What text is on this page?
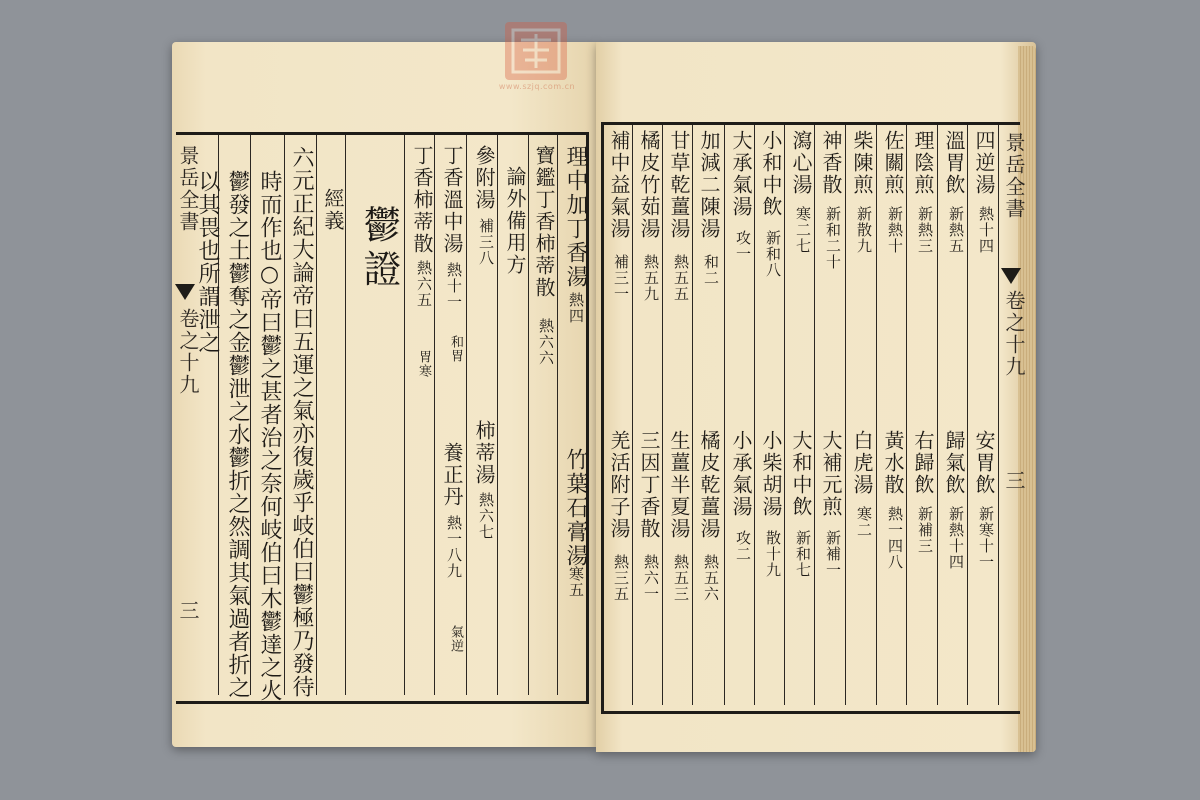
www.szjq.com.cn
景岳全書
卷之十九
三
理中加丁香湯
熱四
竹葉石膏湯
寒五
寶鑑丁香柿蒂散
熱六六
論外備用方
參附湯
補三八
柿蒂湯
熱六七
丁香溫中湯
熱十一
和胃
養正丹
熱一八九
氣逆
丁香柿蒂散
熱六五
胃寒
鬱證
經義
六元正紀大論帝曰五運之氣亦復歲乎岐伯曰鬱極乃發待
時而作也○帝曰鬱之甚者治之奈何岐伯曰木鬱達之火
鬱發之土鬱奪之金鬱泄之水鬱折之然調其氣過者折之
以其畏也所謂泄之	景岳全書
卷之十九
三
四逆湯
熱十四
溫胃飲
新熱五
理陰煎
新熱三
佐關煎
新熱十
柴陳煎
新散九
神香散
新和二十
瀉心湯
寒二七
小和中飲
新和八
大承氣湯
攻一
加減二陳湯
和二
甘草乾薑湯
熱五五
橘皮竹茹湯
熱五九
補中益氣湯
補三一
安胃飲
新寒十一
歸氣飲
新熱十四
右歸飲
新補三
黃水散
熱一四八
白虎湯
寒二
大補元煎
新補一
大和中飲
新和七
小柴胡湯
散十九
小承氣湯
攻二
橘皮乾薑湯
熱五六
生薑半夏湯
熱五三
三因丁香散
熱六一
羌活附子湯
熱三五
